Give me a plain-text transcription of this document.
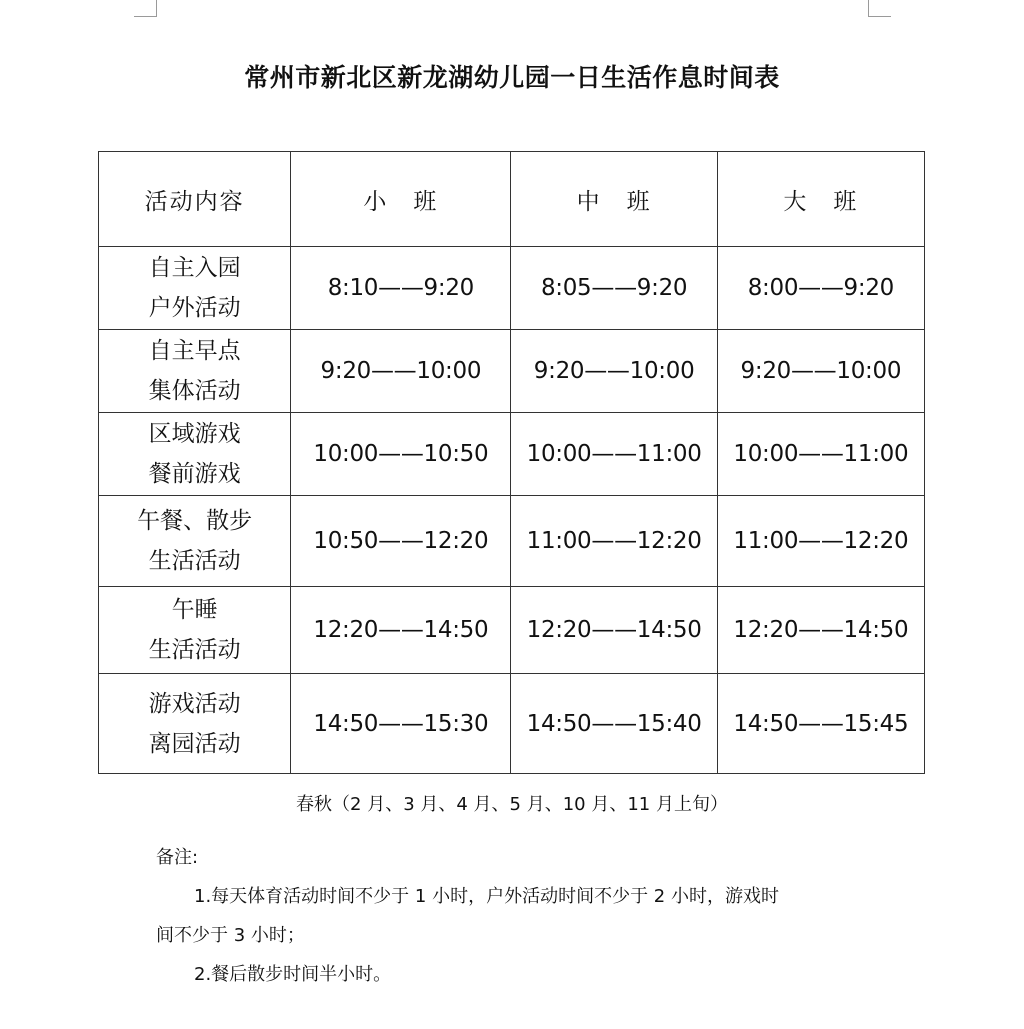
常州市新北区新龙湖幼儿园一日生活作息时间表
活动内容	小　班	中　班	大　班

自主入园
户外活动	8:10——9:20	8:05——9:20	8:00——9:20

自主早点
集体活动	9:20——10:00	9:20——10:00	9:20——10:00

区域游戏
餐前游戏	10:00——10:50	10:00——11:00	10:00——11:00

午餐、散步
生活活动	10:50——12:20	11:00——12:20	11:00——12:20

午睡
生活活动	12:20——14:50	12:20——14:50	12:20——14:50

游戏活动
离园活动	14:50——15:30	14:50——15:40	14:50——15:45
春秋（2 月、3 月、4 月、5 月、10 月、11 月上旬）
备注:
1.每天体育活动时间不少于 1 小时，户外活动时间不少于 2 小时，游戏时
间不少于 3 小时；
2.餐后散步时间半小时。
